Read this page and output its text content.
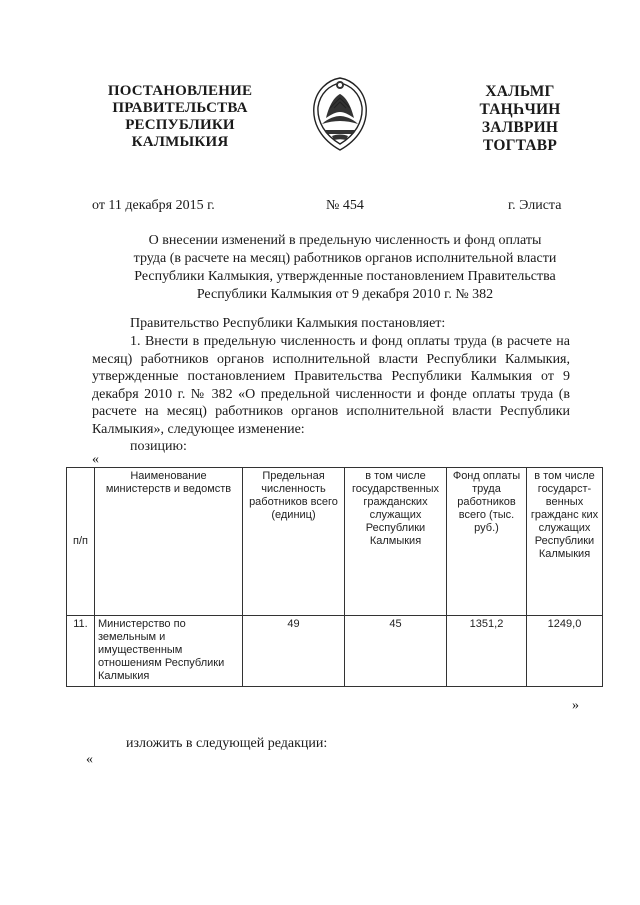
ПОСТАНОВЛЕНИЕ
ПРАВИТЕЛЬСТВА
РЕСПУБЛИКИ
КАЛМЫКИЯ
ХАЛЬМГ
ТАҢҺЧИН
ЗАЛВРИН
ТОГТАВР
от 11 декабря 2015 г.	№ 454	г. Элиста
О внесении изменений в предельную численность и фонд оплаты
труда (в расчете на месяц) работников органов исполнительной власти
Республики Калмыкия, утвержденные постановлением Правительства
Республики Калмыкия от 9 декабря 2010 г. № 382
Правительство Республики Калмыкия постановляет:
1. Внести в предельную численность и фонд оплаты труда (в расчете на
месяц) работников органов исполнительной власти Республики Калмыкия,
утвержденные постановлением Правительства Республики Калмыкия от 9
декабря 2010 г. № 382 «О предельной численности и фонде оплаты труда (в
расчете на месяц) работников органов исполнительной власти Республики
Калмыкия», следующее изменение:
позицию:
«
п/п	Наименование министерств и ведомств	Предельная численность работников всего (единиц)	в том числе государственных гражданских служащих Республики Калмыкия	Фонд оплаты труда работников всего (тыс. руб.)	в том числе государст-венных гражданс ких служащих Республики Калмыкия
11.	Министерство по земельным и имущественным отношениям Республики Калмыкия	49	45	1351,2	1249,0
»
изложить в следующей редакции:
«
